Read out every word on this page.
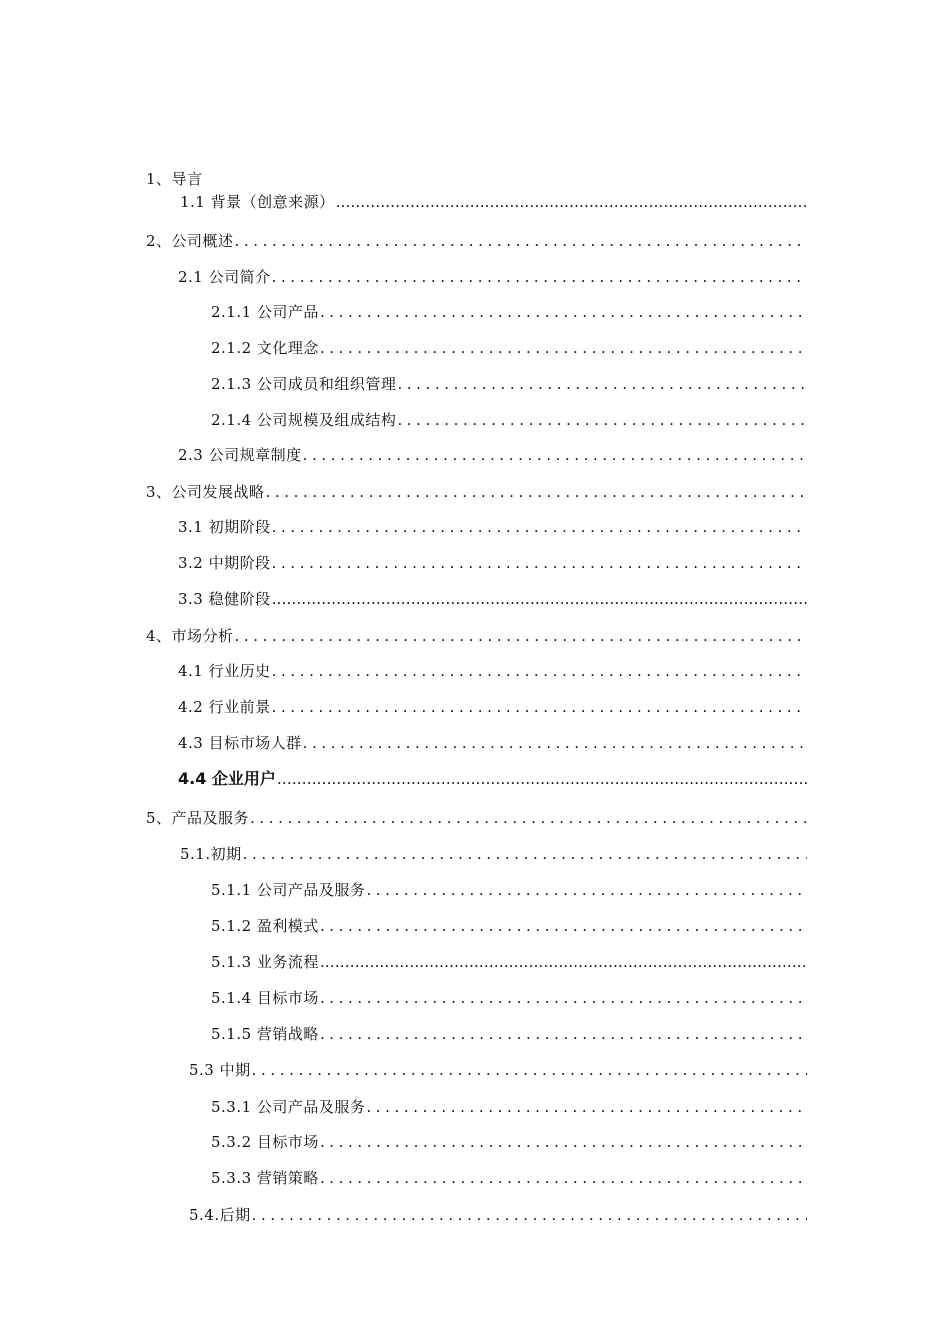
1、导言
1.1 背景（创意来源）
.....
2、公司概述
.....
2.1 公司简介
.....
2.1.1 公司产品
.....
2.1.2 文化理念
.....
2.1.3 公司成员和组织管理
.....
2.1.4 公司规模及组成结构
.....
2.3 公司规章制度
.....
3、公司发展战略
.....
3.1 初期阶段
.....
3.2 中期阶段
.....
3.3 稳健阶段
.....
4、市场分析
.....
4.1 行业历史
.....
4.2 行业前景
.....
4.3 目标市场人群
.....
4.4 企业用户
.....
5、产品及服务
.....
5.1.初期
.....
5.1.1 公司产品及服务
.....
5.1.2 盈利模式
.....
5.1.3 业务流程
.....
5.1.4 目标市场
.....
5.1.5 营销战略
.....
5.3 中期
.....
5.3.1 公司产品及服务
.....
5.3.2 目标市场
.....
5.3.3 营销策略
.....
5.4.后期
.....
